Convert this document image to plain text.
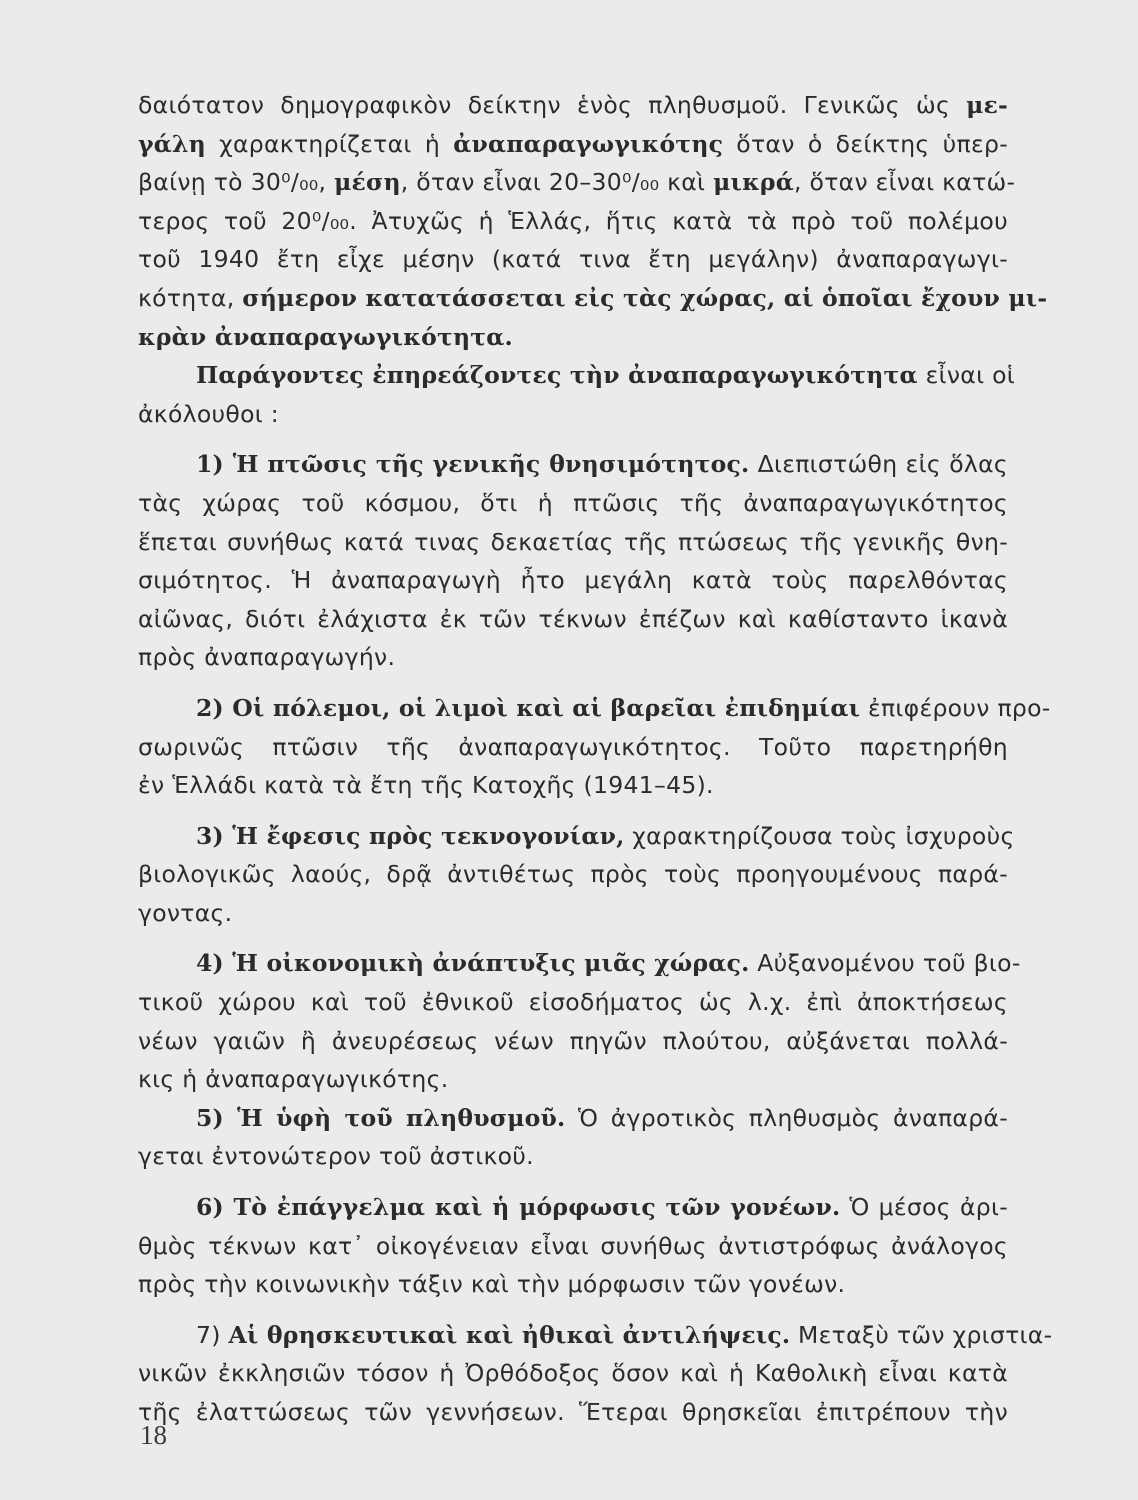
δαιότατον δημογραφικὸν δείκτην ἑνὸς πληθυσμοῦ. Γενικῶς ὡς με-
γάλη χαρακτηρίζεται ἡ ἀναπαραγωγικότης ὅταν ὁ δείκτης ὑπερ-
βαίνῃ τὸ 30⁰/₀₀, μέση, ὅταν εἶναι 20–30⁰/₀₀ καὶ μικρά, ὅταν εἶναι κατώ-
τερος τοῦ 20⁰/₀₀. Ἀτυχῶς ἡ Ἑλλάς, ἥτις κατὰ τὰ πρὸ τοῦ πολέμου
τοῦ 1940 ἔτη εἶχε μέσην (κατά τινα ἔτη μεγάλην) ἀναπαραγωγι-
κότητα, σήμερον κατατάσσεται εἰς τὰς χώρας, αἱ ὁποῖαι ἔχουν μι-
κρὰν ἀναπαραγωγικότητα.
Παράγοντες ἐπηρεάζοντες τὴν ἀναπαραγωγικότητα εἶναι οἱ
ἀκόλουθοι :
1) Ἡ πτῶσις τῆς γενικῆς θνησιμότητος. Διεπιστώθη εἰς ὅλας
τὰς χώρας τοῦ κόσμου, ὅτι ἡ πτῶσις τῆς ἀναπαραγωγικότητος
ἕπεται συνήθως κατά τινας δεκαετίας τῆς πτώσεως τῆς γενικῆς θνη-
σιμότητος. Ἡ ἀναπαραγωγὴ ἦτο μεγάλη κατὰ τοὺς παρελθόντας
αἰῶνας, διότι ἐλάχιστα ἐκ τῶν τέκνων ἐπέζων καὶ καθίσταντο ἱκανὰ
πρὸς ἀναπαραγωγήν.
2) Οἱ πόλεμοι, οἱ λιμοὶ καὶ αἱ βαρεῖαι ἐπιδημίαι ἐπιφέρουν προ-
σωρινῶς πτῶσιν τῆς ἀναπαραγωγικότητος. Τοῦτο παρετηρήθη
ἐν Ἑλλάδι κατὰ τὰ ἔτη τῆς Κατοχῆς (1941–45).
3) Ἡ ἔφεσις πρὸς τεκνογονίαν, χαρακτηρίζουσα τοὺς ἰσχυροὺς
βιολογικῶς λαούς, δρᾷ ἀντιθέτως πρὸς τοὺς προηγουμένους παρά-
γοντας.
4) Ἡ οἰκονομικὴ ἀνάπτυξις μιᾶς χώρας. Αὐξανομένου τοῦ βιο-
τικοῦ χώρου καὶ τοῦ ἐθνικοῦ εἰσοδήματος ὡς λ.χ. ἐπὶ ἀποκτήσεως
νέων γαιῶν ἢ ἀνευρέσεως νέων πηγῶν πλούτου, αὐξάνεται πολλά-
κις ἡ ἀναπαραγωγικότης.
5) Ἡ ὑφὴ τοῦ πληθυσμοῦ. Ὁ ἀγροτικὸς πληθυσμὸς ἀναπαρά-
γεται ἐντονώτερον τοῦ ἀστικοῦ.
6) Τὸ ἐπάγγελμα καὶ ἡ μόρφωσις τῶν γονέων. Ὁ μέσος ἀρι-
θμὸς τέκνων κατ᾽ οἰκογένειαν εἶναι συνήθως ἀντιστρόφως ἀνάλογος
πρὸς τὴν κοινωνικὴν τάξιν καὶ τὴν μόρφωσιν τῶν γονέων.
7) Αἱ θρησκευτικαὶ καὶ ἠθικαὶ ἀντιλήψεις. Μεταξὺ τῶν χριστια-
νικῶν ἐκκλησιῶν τόσον ἡ Ὀρθόδοξος ὅσον καὶ ἡ Καθολικὴ εἶναι κατὰ
τῆς ἐλαττώσεως τῶν γεννήσεων. Ἕτεραι θρησκεῖαι ἐπιτρέπουν τὴν
18
